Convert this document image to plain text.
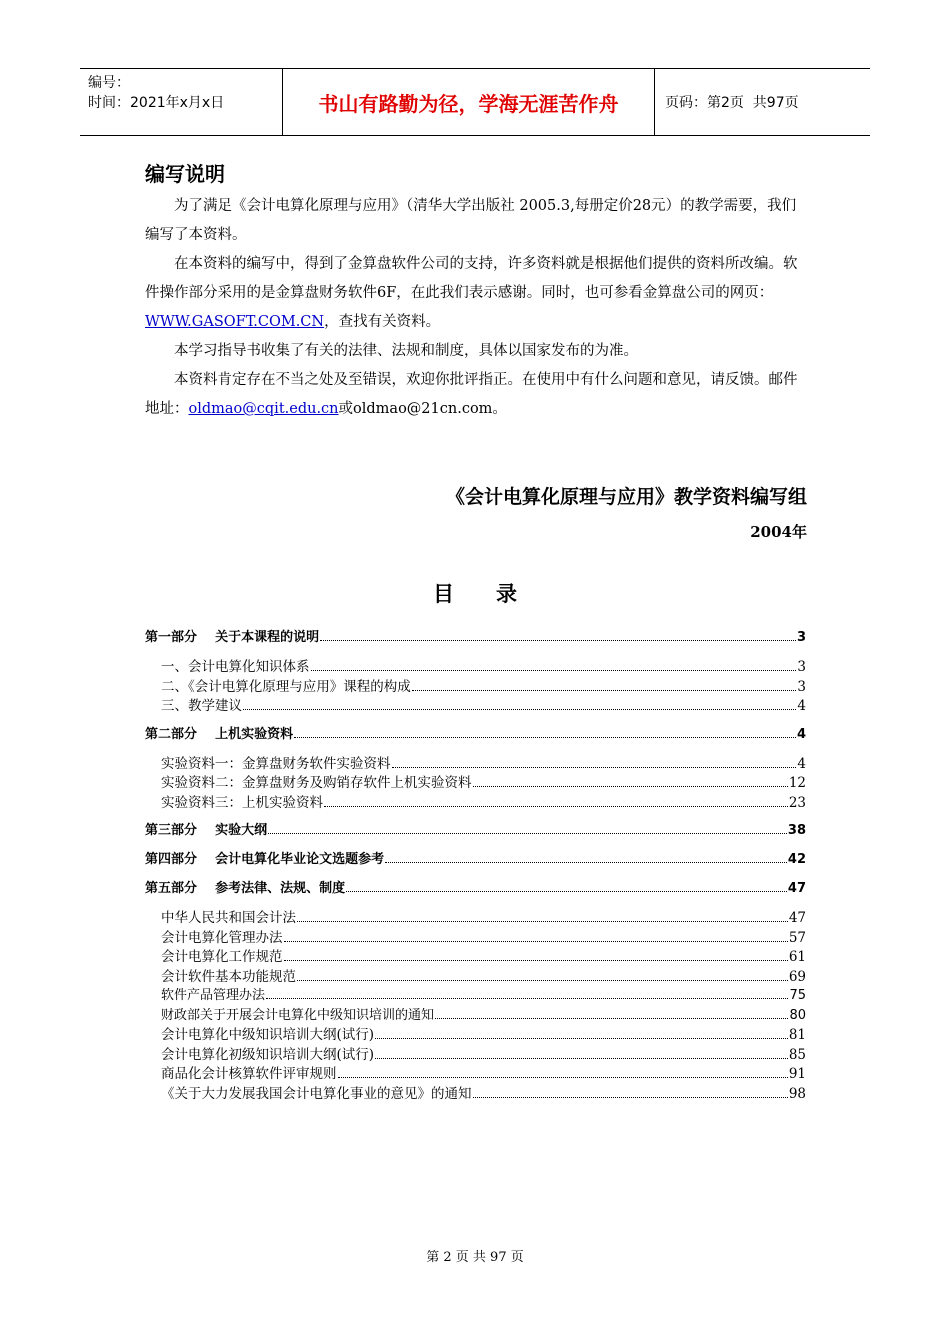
编号：
时间：2021年x月x日	书山有路勤为径，学海无涯苦作舟	页码：第2页  共97页
编写说明

为了满足《会计电算化原理与应用》（清华大学出版社 2005.3,每册定价28元）的教学需要，我们编写了本资料。

在本资料的编写中，得到了金算盘软件公司的支持，许多资料就是根据他们提供的资料所改编。软件操作部分采用的是金算盘财务软件6F，在此我们表示感谢。同时，也可参看金算盘公司的网页：WWW.GASOFT.COM.CN，查找有关资料。

本学习指导书收集了有关的法律、法规和制度，具体以国家发布的为准。

本资料肯定存在不当之处及至错误，欢迎你批评指正。在使用中有什么问题和意见，请反馈。邮件地址：oldmao@cqit.edu.cn或oldmao@21cn.com。

《会计电算化原理与应用》教学资料编写组
2004年
目录
第一部分    关于本课程的说明	3
一、会计电算化知识体系	3
二、《会计电算化原理与应用》课程的构成	3
三、教学建议	4
第二部分    上机实验资料	4
实验资料一：金算盘财务软件实验资料	4
实验资料二：金算盘财务及购销存软件上机实验资料	12
实验资料三：上机实验资料	23
第三部分    实验大纲	38
第四部分    会计电算化毕业论文选题参考	42
第五部分    参考法律、法规、制度	47
中华人民共和国会计法	47
会计电算化管理办法	57
会计电算化工作规范	61
会计软件基本功能规范	69
软件产品管理办法	75
财政部关于开展会计电算化中级知识培训的通知	80
会计电算化中级知识培训大纲(试行)	81
会计电算化初级知识培训大纲(试行)	85
商品化会计核算软件评审规则	91
《关于大力发展我国会计电算化事业的意见》的通知	98
第 2 页 共 97 页
